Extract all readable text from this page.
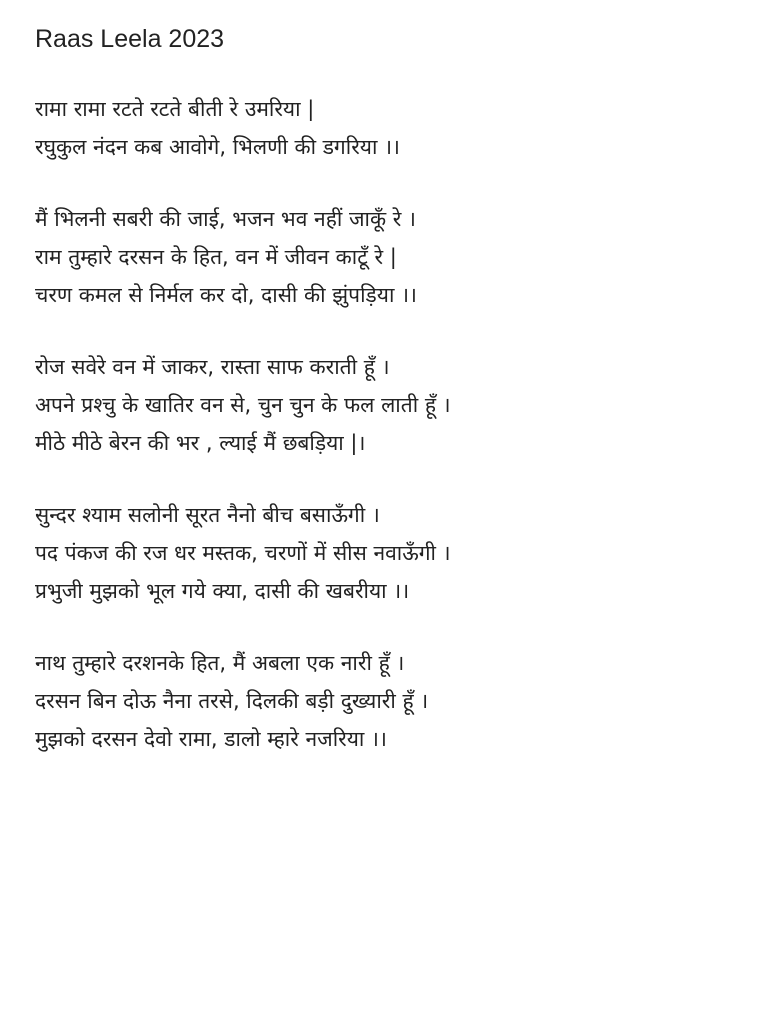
Raas Leela 2023
रामा रामा रटते रटते बीती रे उमरिया |
रघुकुल नंदन कब आवोगे, भिलणी की डगरिया ।।
मैं भिलनी सबरी की जाई, भजन भव नहीं जाकूँ रे ।
राम तुम्हारे दरसन के हित, वन में जीवन काटूँ रे |
चरण कमल से निर्मल कर दो, दासी की झुंपड़िया ।।
रोज सवेरे वन में जाकर, रास्ता साफ कराती हूँ ।
अपने प्रश्चु के खातिर वन से, चुन चुन के फल लाती हूँ ।
मीठे मीठे बेरन की भर , ल्याई मैं छबड़िया |।
सुन्दर श्याम सलोनी सूरत नैनो बीच बसाऊँगी ।
पद पंकज की रज धर मस्तक, चरणों में सीस नवाऊँगी ।
प्रभुजी मुझको भूल गये क्या, दासी की खबरीया ।।
नाथ तुम्हारे दरशनके हित, मैं अबला एक नारी हूँ ।
दरसन बिन दोऊ नैना तरसे, दिलकी बड़ी दुख्यारी हूँ ।
मुझको दरसन देवो रामा, डालो म्हारे नजरिया ।।
